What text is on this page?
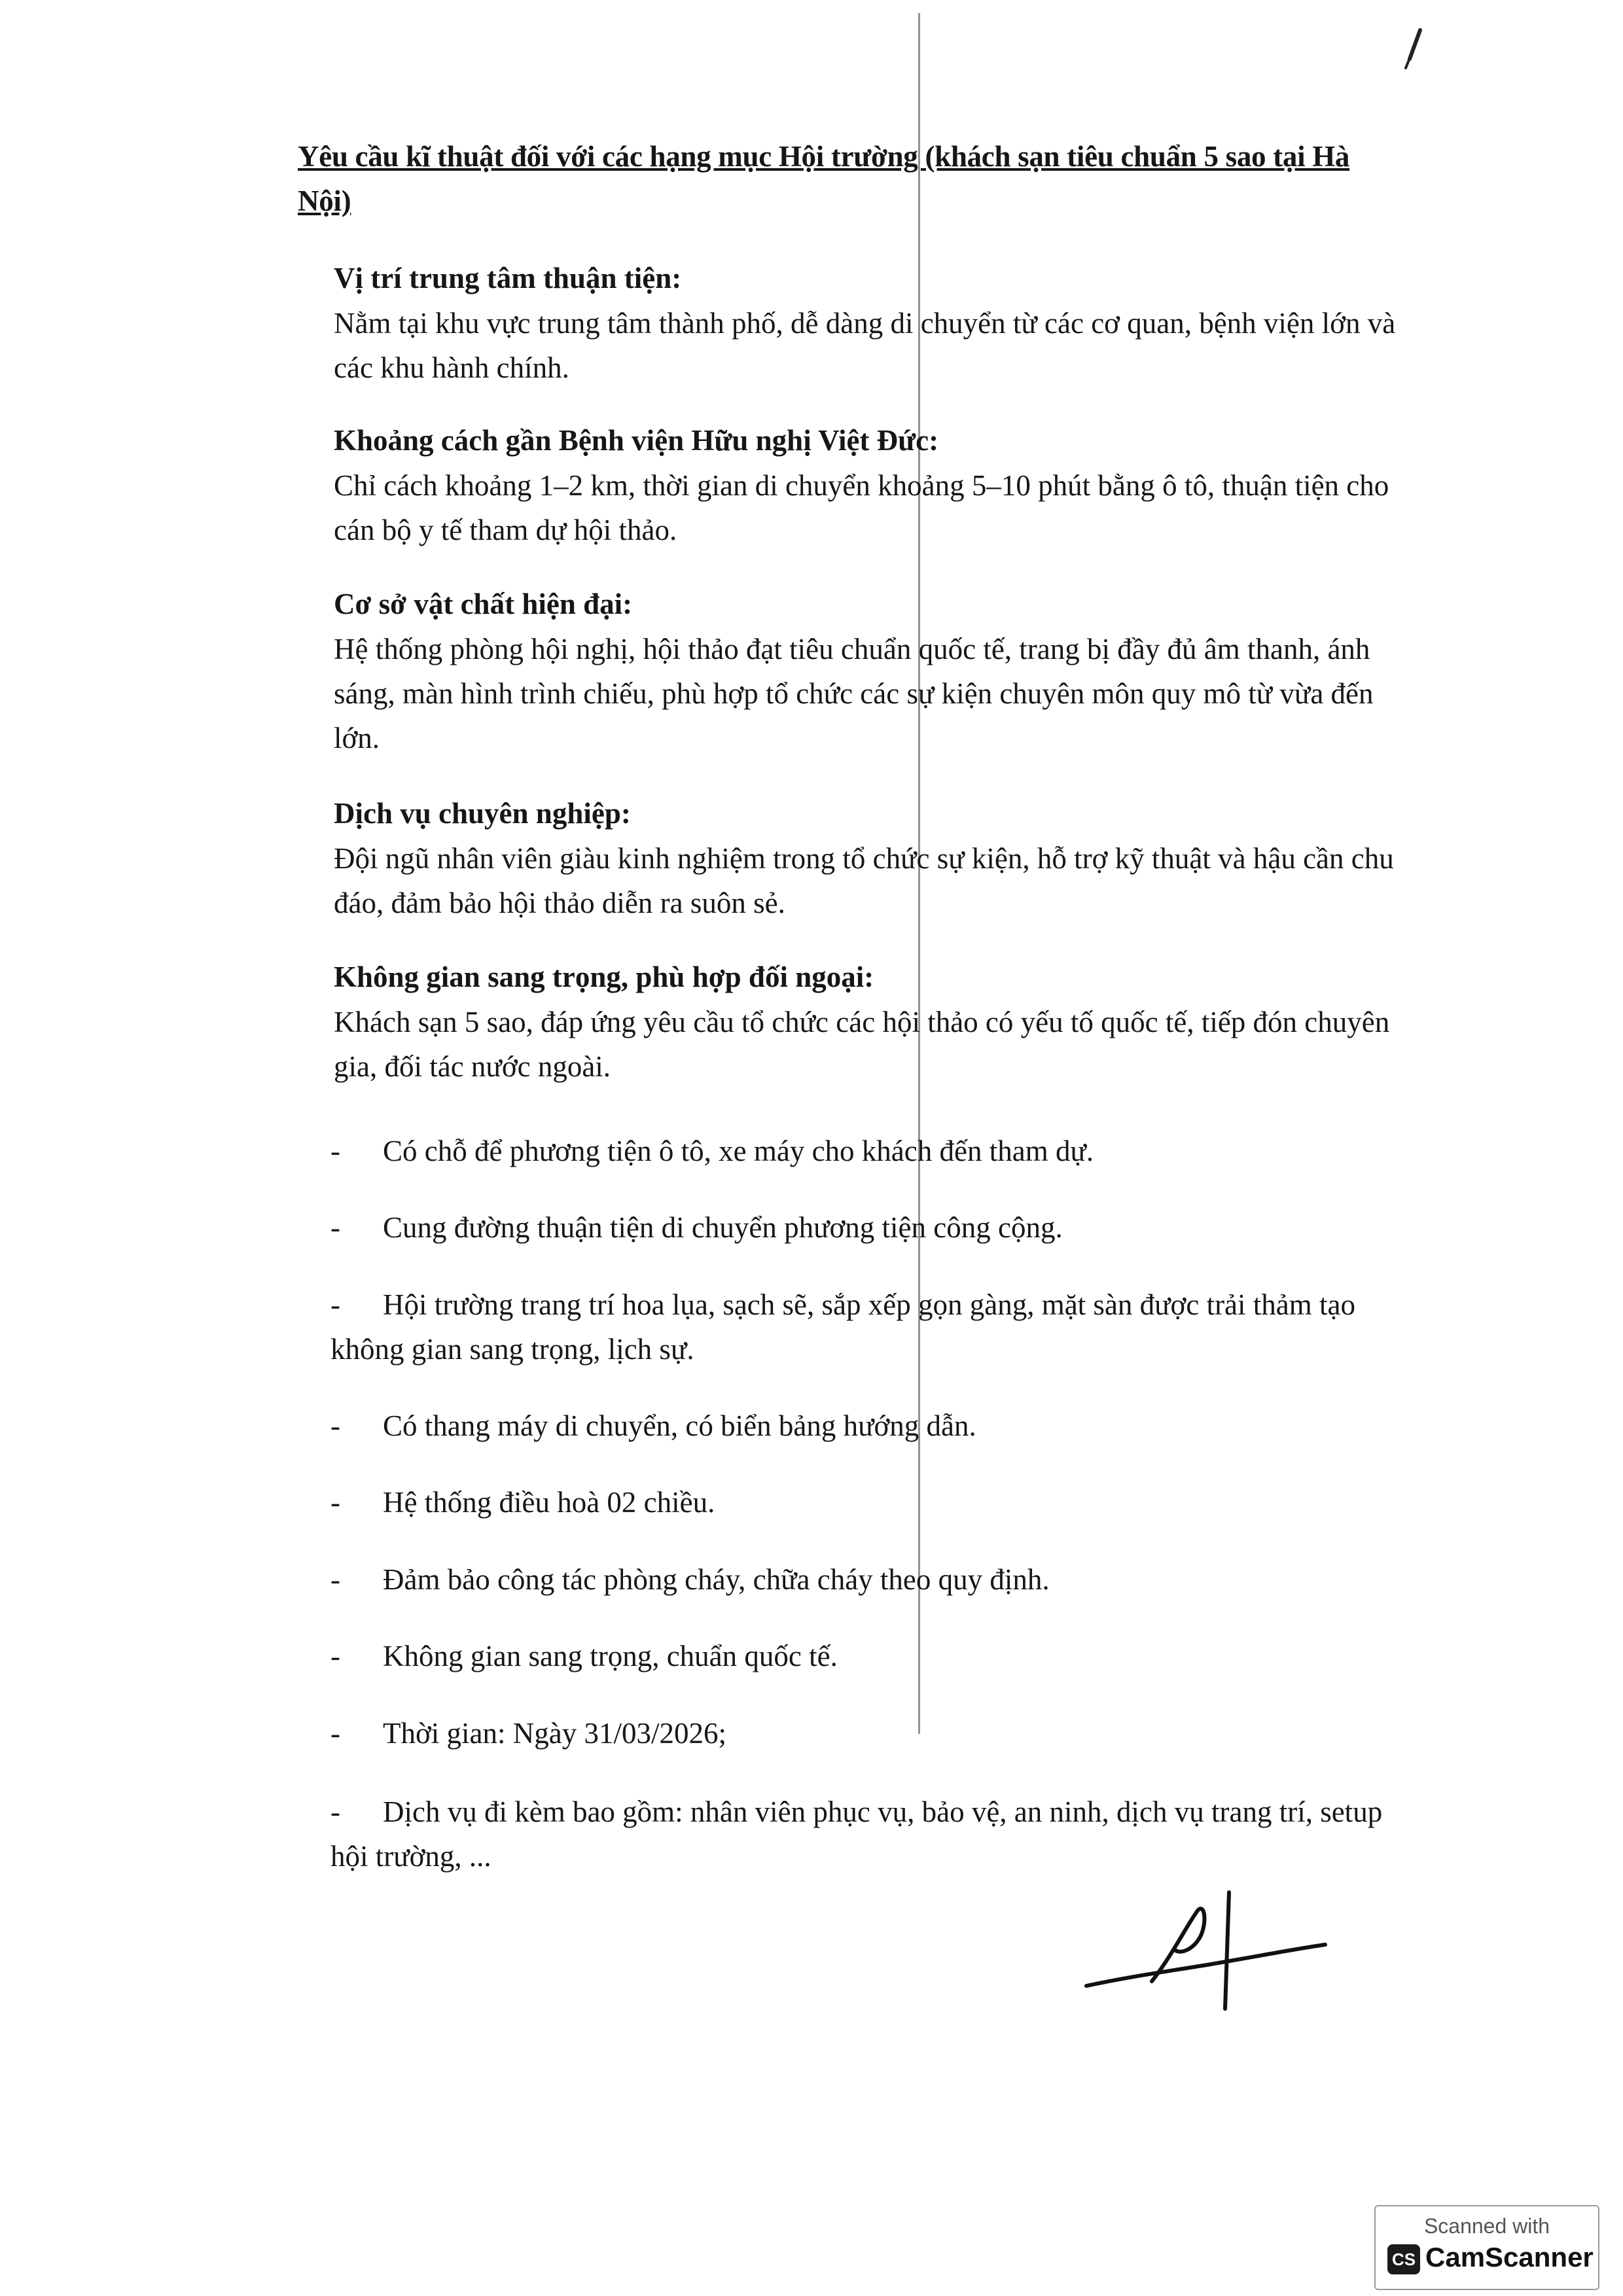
Yêu cầu kĩ thuật đối với các hạng mục Hội trường (khách sạn tiêu chuẩn 5 sao tại Hà Nội)
Vị trí trung tâm thuận tiện:
Nằm tại khu vực trung tâm thành phố, dễ dàng di chuyển từ các cơ quan, bệnh viện lớn và các khu hành chính.
Khoảng cách gần Bệnh viện Hữu nghị Việt Đức:
Chỉ cách khoảng 1–2 km, thời gian di chuyển khoảng 5–10 phút bằng ô tô, thuận tiện cho cán bộ y tế tham dự hội thảo.
Cơ sở vật chất hiện đại:
Hệ thống phòng hội nghị, hội thảo đạt tiêu chuẩn quốc tế, trang bị đầy đủ âm thanh, ánh sáng, màn hình trình chiếu, phù hợp tổ chức các sự kiện chuyên môn quy mô từ vừa đến lớn.
Dịch vụ chuyên nghiệp:
Đội ngũ nhân viên giàu kinh nghiệm trong tổ chức sự kiện, hỗ trợ kỹ thuật và hậu cần chu đáo, đảm bảo hội thảo diễn ra suôn sẻ.
Không gian sang trọng, phù hợp đối ngoại:
Khách sạn 5 sao, đáp ứng yêu cầu tổ chức các hội thảo có yếu tố quốc tế, tiếp đón chuyên gia, đối tác nước ngoài.
- Có chỗ để phương tiện ô tô, xe máy cho khách đến tham dự.
- Cung đường thuận tiện di chuyển phương tiện công cộng.
- Hội trường trang trí hoa lụa, sạch sẽ, sắp xếp gọn gàng, mặt sàn được trải thảm tạo không gian sang trọng, lịch sự.
- Có thang máy di chuyển, có biển bảng hướng dẫn.
- Hệ thống điều hoà 02 chiều.
- Đảm bảo công tác phòng cháy, chữa cháy theo quy định.
- Không gian sang trọng, chuẩn quốc tế.
- Thời gian: Ngày 31/03/2026;
- Dịch vụ đi kèm bao gồm: nhân viên phục vụ, bảo vệ, an ninh, dịch vụ trang trí, setup hội trường, ...
Scanned with
CS CamScanner
